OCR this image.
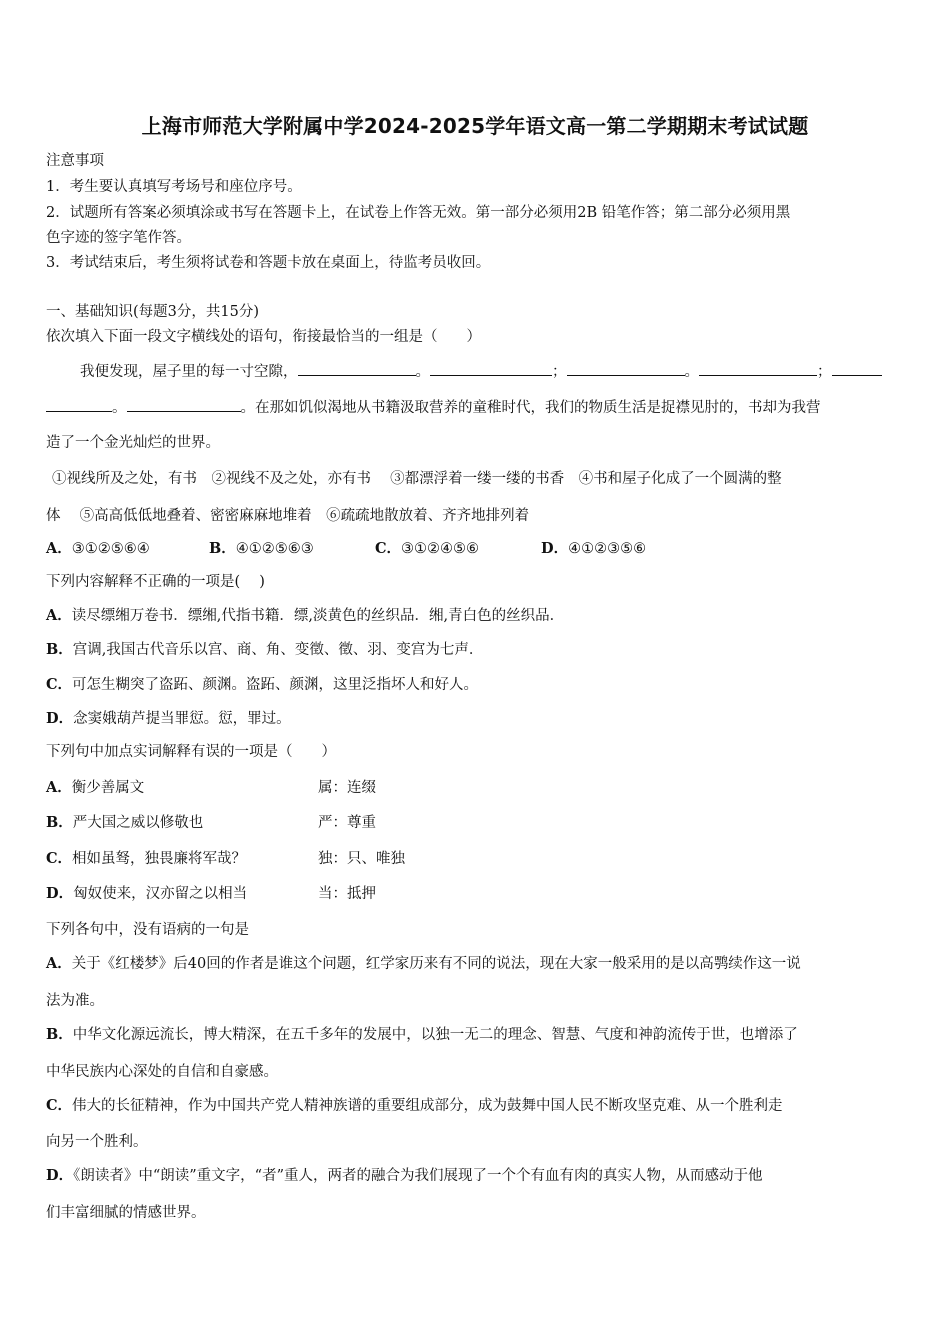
上海市师范大学附属中学2024-2025学年语文高一第二学期期末考试试题
注意事项
1．考生要认真填写考场号和座位序号。
2．试题所有答案必须填涂或书写在答题卡上，在试卷上作答无效。第一部分必须用2B 铅笔作答；第二部分必须用黑
色字迹的签字笔作答。
3．考试结束后，考生须将试卷和答题卡放在桌面上，待监考员收回。
一、基础知识(每题3分，共15分)
依次填入下面一段文字横线处的语句，衔接最恰当的一组是（　　）
我便发现，屋子里的每一寸空隙，	。	；	。	；
。	。在那如饥似渴地从书籍汲取营养的童稚时代，我们的物质生活是捉襟见肘的，书却为我营
造了一个金光灿烂的世界。
①视线所及之处，有书　②视线不及之处，亦有书　 ③都漂浮着一缕一缕的书香　④书和屋子化成了一个圆满的整
体　 ⑤高高低低地叠着、密密麻麻地堆着　⑥疏疏地散放着、齐齐地排列着
A．③①②⑤⑥④	B．④①②⑤⑥③	C．③①②④⑤⑥	D．④①②③⑤⑥
下列内容解释不正确的一项是(　 )
A．读尽缥缃万卷书．缥缃,代指书籍．缥,淡黄色的丝织品．缃,青白色的丝织品．
B．宫调,我国古代音乐以宫、商、角、变徵、徵、羽、变宫为七声．
C．可怎生糊突了盗跖、颜渊。盗跖、颜渊，这里泛指坏人和好人。
D．念窦娥葫芦提当罪愆。愆，罪过。
下列句中加点实词解释有误的一项是（　　）
A．衡少善属文	属：连缀
B．严大国之威以修敬也	严：尊重
C．相如虽驽，独畏廉将军哉？	独：只、唯独
D．匈奴使来，汉亦留之以相当	当：抵押
下列各句中，没有语病的一句是
A．关于《红楼梦》后40回的作者是谁这个问题，红学家历来有不同的说法，现在大家一般采用的是以高鹗续作这一说
法为准。
B．中华文化源远流长，博大精深，在五千多年的发展中，以独一无二的理念、智慧、气度和神韵流传于世，也增添了
中华民族内心深处的自信和自豪感。
C．伟大的长征精神，作为中国共产党人精神族谱的重要组成部分，成为鼓舞中国人民不断攻坚克难、从一个胜利走
向另一个胜利。
D．《朗读者》中“朗读”重文字，“者”重人，两者的融合为我们展现了一个个有血有肉的真实人物，从而感动于他
们丰富细腻的情感世界。
